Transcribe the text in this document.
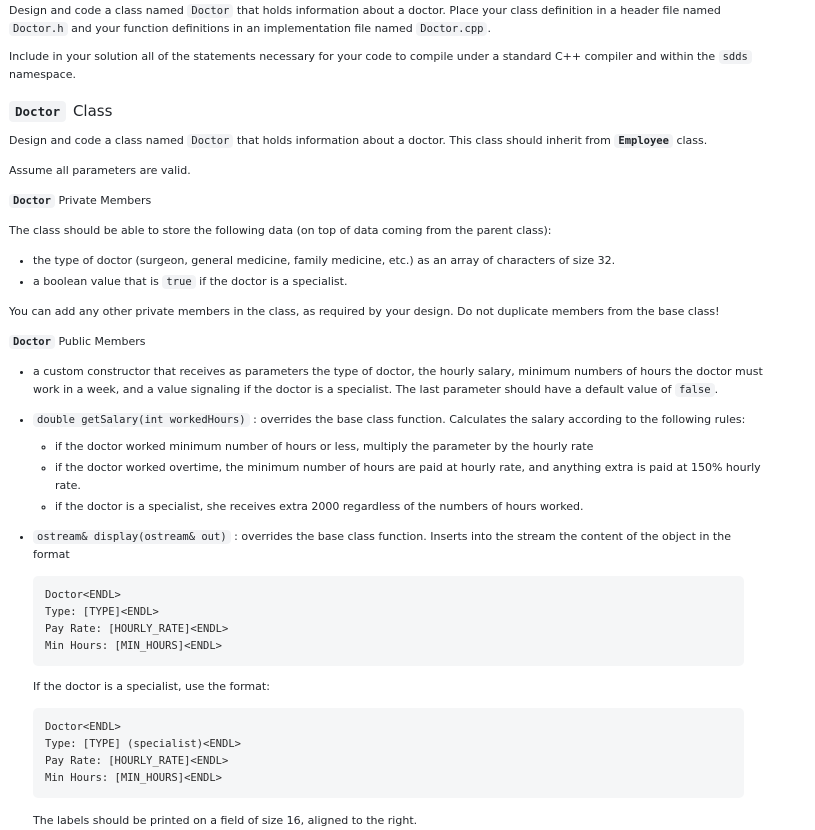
Design and code a class named Doctor that holds information about a doctor. Place your class definition in a header file named Doctor.h and your function definitions in an implementation file named Doctor.cpp .

Include in your solution all of the statements necessary for your code to compile under a standard C++ compiler and within the sdds namespace.

Doctor Class

Design and code a class named Doctor that holds information about a doctor. This class should inherit from Employee class.

Assume all parameters are valid.

Doctor Private Members

The class should be able to store the following data (on top of data coming from the parent class):

• the type of doctor (surgeon, general medicine, family medicine, etc.) as an array of characters of size 32.
• a boolean value that is true if the doctor is a specialist.

You can add any other private members in the class, as required by your design. Do not duplicate members from the base class!

Doctor Public Members
• a custom constructor that receives as parameters the type of doctor, the hourly salary, minimum numbers of hours the doctor must work in a week, and a value signaling if the doctor is a specialist. The last parameter should have a default value of false .
• double getSalary(int workedHours) : overrides the base class function. Calculates the salary according to the following rules:
◦ if the doctor worked minimum number of hours or less, multiply the parameter by the hourly rate
◦ if the doctor worked overtime, the minimum number of hours are paid at hourly rate, and anything extra is paid at 150% hourly rate.
◦ if the doctor is a specialist, she receives extra 2000 regardless of the numbers of hours worked.
• ostream& display(ostream& out) : overrides the base class function. Inserts into the stream the content of the object in the format
Doctor<ENDL>
Type: [TYPE]<ENDL>
Pay Rate: [HOURLY_RATE]<ENDL>
Min Hours: [MIN_HOURS]<ENDL>

If the doctor is a specialist, use the format:

Doctor<ENDL>
Type: [TYPE] (specialist)<ENDL>
Pay Rate: [HOURLY_RATE]<ENDL>
Min Hours: [MIN_HOURS]<ENDL>

The labels should be printed on a field of size 16, aligned to the right.
